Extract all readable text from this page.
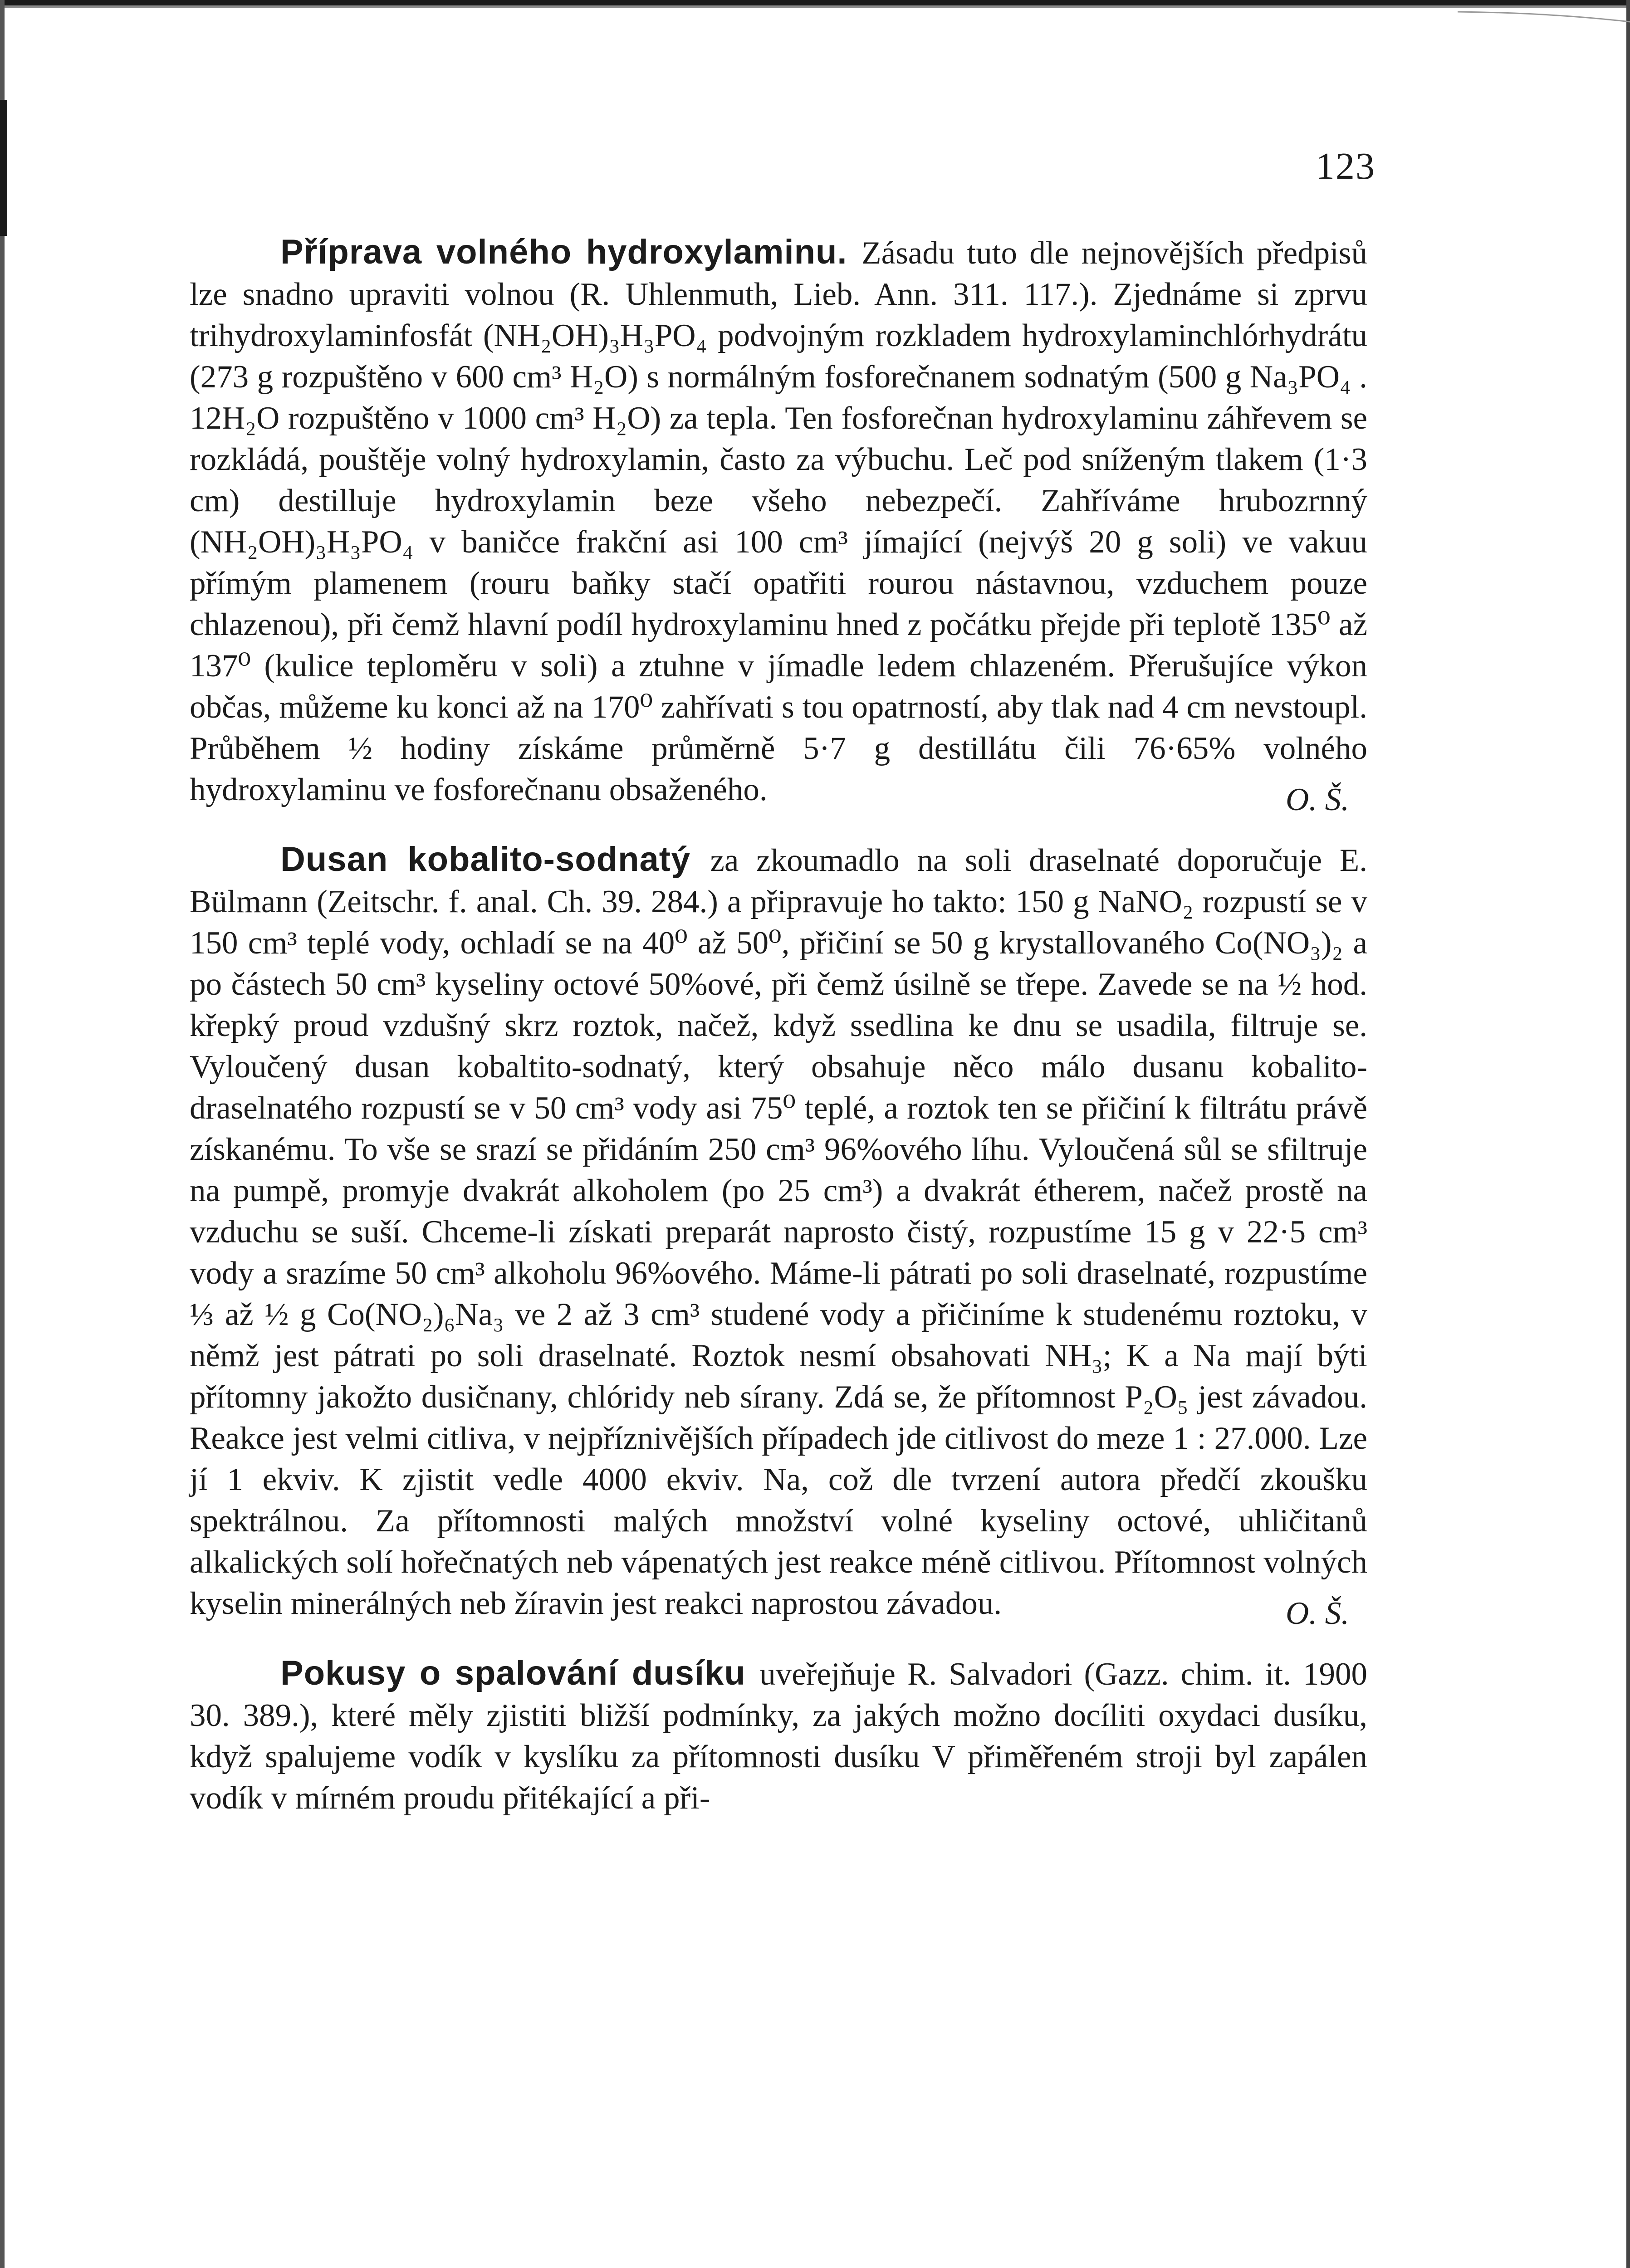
123

Příprava volného hydroxylaminu. Zásadu tuto dle nejnovějších předpisů lze snadno upraviti volnou (R. Uhlenmuth, Lieb. Ann. 311. 117.). Zjednáme si zprvu trihydroxylaminfosfát (NH₂OH)₃H₃PO₄ podvojným rozkladem hydroxylaminchlórhydrátu (273 g rozpuštěno v 600 cm³ H₂O) s normálným fosforečnanem sodnatým (500 g Na₃PO₄ . 12H₂O rozpuštěno v 1000 cm³ H₂O) za tepla. Ten fosforečnan hydroxylaminu záhřevem se rozkládá, pouštěje volný hydroxylamin, často za výbuchu. Leč pod sníženým tlakem (1·3 cm) destilluje hydroxylamin beze všeho nebezpečí. Zahříváme hrubozrnný (NH₂OH)₃H₃PO₄ v baničce frakční asi 100 cm³ jímající (nejvýš 20 g soli) ve vakuu přímým plamenem (rouru baňky stačí opatřiti rourou nástavnou, vzduchem pouze chlazenou), při čemž hlavní podíl hydroxylaminu hned z počátku přejde při teplotě 135⁰ až 137⁰ (kulice teploměru v soli) a ztuhne v jímadle ledem chlazeném. Přerušujíce výkon občas, můžeme ku konci až na 170⁰ zahřívati s tou opatrností, aby tlak nad 4 cm nevstoupl. Průběhem ½ hodiny získáme průměrně 5·7 g destillátu čili 76·65% volného hydroxylaminu ve fosforečnanu obsaženého.	O. Š.

Dusan kobalito-sodnatý za zkoumadlo na soli draselnaté doporučuje E. Bülmann (Zeitschr. f. anal. Ch. 39. 284.) a připravuje ho takto: 150 g NaNO₂ rozpustí se v 150 cm³ teplé vody, ochladí se na 40⁰ až 50⁰, přičiní se 50 g krystallovaného Co(NO₃)₂ a po částech 50 cm³ kyseliny octové 50%ové, při čemž úsilně se třepe. Zavede se na ½ hod. křepký proud vzdušný skrz roztok, načež, když ssedlina ke dnu se usadila, filtruje se. Vyloučený dusan kobaltito-sodnatý, který obsahuje něco málo dusanu kobalito-draselnatého rozpustí se v 50 cm³ vody asi 75⁰ teplé, a roztok ten se přičiní k filtrátu právě získanému. To vše se srazí se přidáním 250 cm³ 96%ového líhu. Vyloučená sůl se sfiltruje na pumpě, promyje dvakrát alkoholem (po 25 cm³) a dvakrát étherem, načež prostě na vzduchu se suší. Chceme-li získati preparát naprosto čistý, rozpustíme 15 g v 22·5 cm³ vody a srazíme 50 cm³ alkoholu 96%ového. Máme-li pátrati po soli draselnaté, rozpustíme ⅓ až ½ g Co(NO₂)₆Na₃ ve 2 až 3 cm³ studené vody a přičiníme k studenému roztoku, v němž jest pátrati po soli draselnaté. Roztok nesmí obsahovati NH₃; K a Na mají býti přítomny jakožto dusičnany, chlóridy neb sírany. Zdá se, že přítomnost P₂O₅ jest závadou. Reakce jest velmi citliva, v nejpříznivějších případech jde citlivost do meze 1 : 27.000. Lze jí 1 ekviv. K zjistit vedle 4000 ekviv. Na, což dle tvrzení autora předčí zkoušku spektrálnou. Za přítomnosti malých množství volné kyseliny octové, uhličitanů alkalických solí hořečnatých neb vápenatých jest reakce méně citlivou. Přítomnost volných kyselin minerálných neb žíravin jest reakci naprostou závadou.	O. Š.

Pokusy o spalování dusíku uveřejňuje R. Salvadori (Gazz. chim. it. 1900 30. 389.), které měly zjistiti bližší podmínky, za jakých možno docíliti oxydaci dusíku, když spalujeme vodík v kyslíku za přítomnosti dusíku V přiměřeném stroji byl zapálen vodík v mírném proudu přitékající a při-
